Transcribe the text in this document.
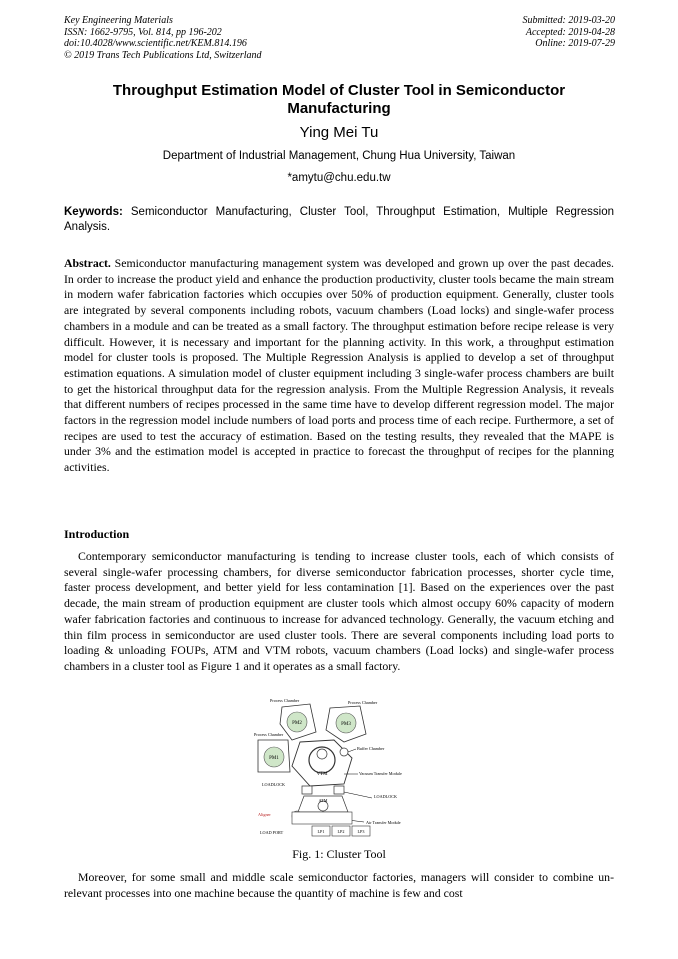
Key Engineering Materials
ISSN: 1662-9795, Vol. 814, pp 196-202
doi:10.4028/www.scientific.net/KEM.814.196
© 2019 Trans Tech Publications Ltd, Switzerland
Submitted: 2019-03-20
Accepted: 2019-04-28
Online: 2019-07-29
Throughput Estimation Model of Cluster Tool in Semiconductor Manufacturing
Ying Mei Tu
Department of Industrial Management, Chung Hua University, Taiwan
*amytu@chu.edu.tw
Keywords: Semiconductor Manufacturing, Cluster Tool, Throughput Estimation, Multiple Regression Analysis.
Abstract. Semiconductor manufacturing management system was developed and grown up over the past decades. In order to increase the product yield and enhance the production productivity, cluster tools became the main stream in modern wafer fabrication factories which occupies over 50% of production equipment. Generally, cluster tools are integrated by several components including robots, vacuum chambers (Load locks) and single-wafer process chambers in a module and can be treated as a small factory. The throughput estimation before recipe release is very difficult. However, it is necessary and important for the planning activity. In this work, a throughput estimation model for cluster tools is proposed. The Multiple Regression Analysis is applied to develop a set of throughput estimation equations. A simulation model of cluster equipment including 3 single-wafer process chambers are built to get the historical throughput data for the regression analysis. From the Multiple Regression Analysis, it reveals that different numbers of recipes processed in the same time have to develop different regression model. The major factors in the regression model include numbers of load ports and process time of each recipe. Furthermore, a set of recipes are used to test the accuracy of estimation. Based on the testing results, they revealed that the MAPE is under 3% and the estimation model is accepted in practice to forecast the throughput of recipes for the planning activities.
Introduction
Contemporary semiconductor manufacturing is tending to increase cluster tools, each of which consists of several single-wafer processing chambers, for diverse semiconductor fabrication processes, shorter cycle time, faster process development, and better yield for less contamination [1]. Based on the experiences over the past decade, the main stream of production equipment are cluster tools which almost occupy 60% capacity of modern wafer fabrication factories and continuous to increase for advanced technology. Generally, the vacuum etching and thin film process in semiconductor are used cluster tools. There are several components including load ports to loading & unloading FOUPs, ATM and VTM robots, vacuum chambers (Load locks) and single-wafer process chambers in a cluster tool as Figure 1 and it operates as a small factory.
Process Chamber	Process Chamber
Process Chamber
PM2	PM3
PM1
VTM
Buffer Chamber
Vacuum Transfer Module
LOADLOCK
LOADLOCK
ATM
Aligner
Air Transfer Module
LOAD PORT	LP1	LP2	LP3
Fig. 1: Cluster Tool
Moreover, for some small and middle scale semiconductor factories, managers will consider to combine un-relevant processes into one machine because the quantity of machine is few and cost
